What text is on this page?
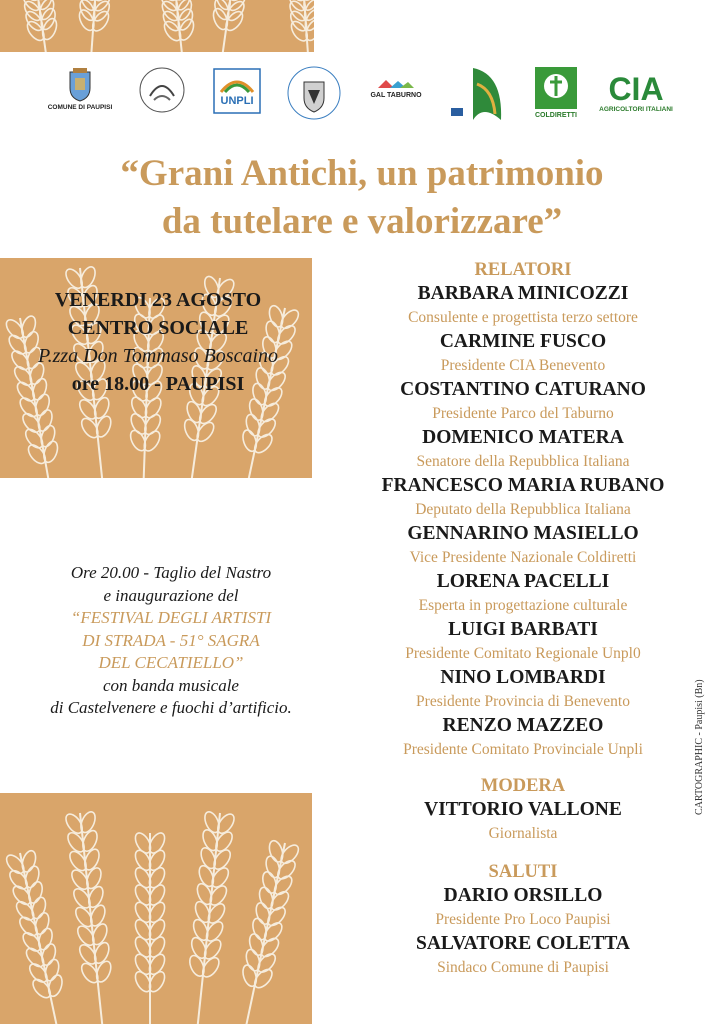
COMUNE DI PAUPISI
UNPLI	GAL TABURNO
COLDIRETTI
CIA
AGRICOLTORI ITALIANI
“Grani Antichi, un patrimonio
da tutelare e valorizzare”
VENERDI 23 AGOSTO
CENTRO SOCIALE
P.zza Don Tommaso Boscaino
ore 18.00 - PAUPISI
Ore 20.00 - Taglio del Nastro
e inaugurazione del
“FESTIVAL DEGLI ARTISTI
DI STRADA - 51° SAGRA
DEL CECATIELLO”
con banda musicale
di Castelvenere e fuochi d’artificio.
RELATORI
BARBARA MINICOZZI
Consulente e progettista terzo settore
CARMINE FUSCO
Presidente CIA Benevento
COSTANTINO CATURANO
Presidente Parco del Taburno
DOMENICO MATERA
Senatore della Repubblica Italiana
FRANCESCO MARIA RUBANO
Deputato della Repubblica Italiana
GENNARINO MASIELLO
Vice Presidente Nazionale Coldiretti
LORENA PACELLI
Esperta in progettazione culturale
LUIGI BARBATI
Presidente Comitato Regionale Unpl0
NINO LOMBARDI
Presidente Provincia di Benevento
RENZO MAZZEO
Presidente Comitato Provinciale Unpli
MODERA
VITTORIO VALLONE
Giornalista
SALUTI
DARIO ORSILLO
Presidente Pro Loco Paupisi
SALVATORE COLETTA
Sindaco Comune di Paupisi
CARTOGRAPHIC - Paupisi (Bn)
